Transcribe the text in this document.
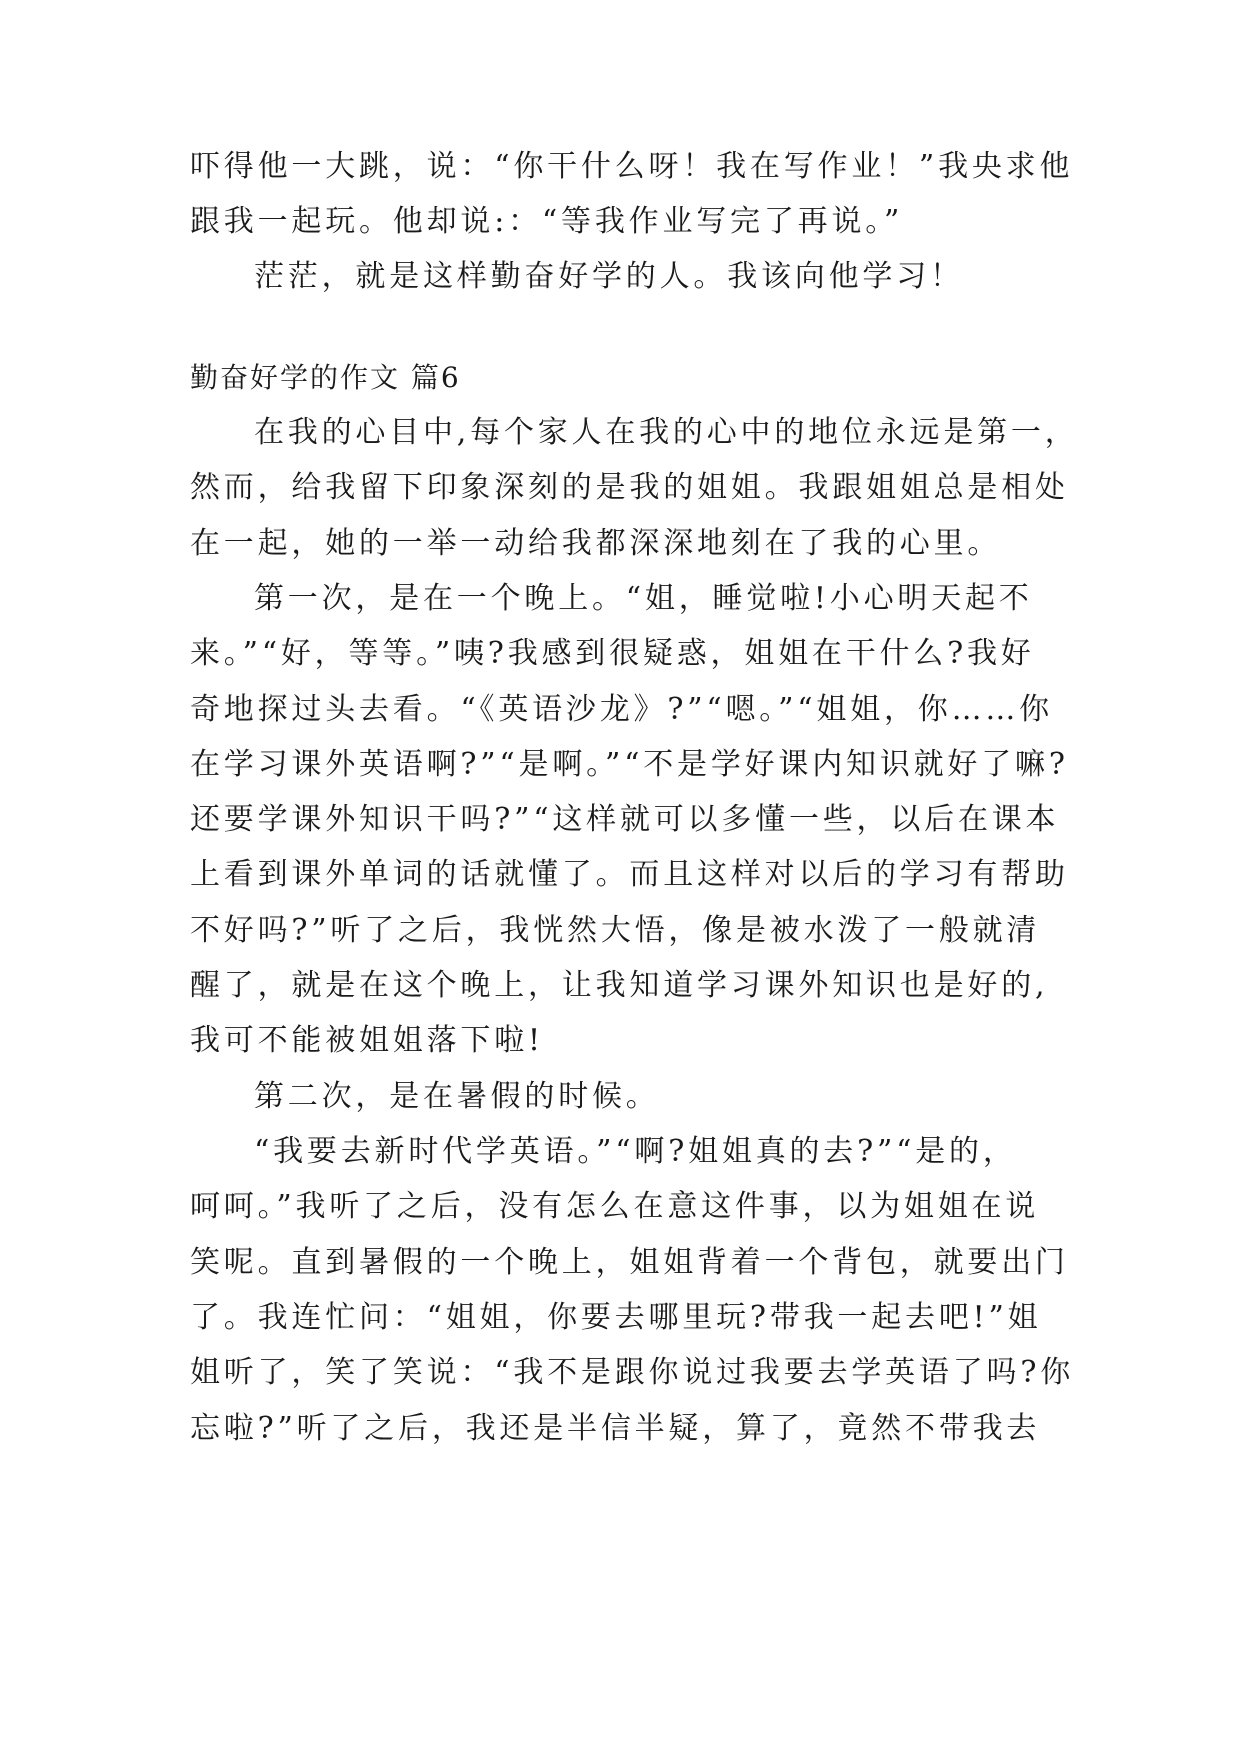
吓得他一大跳，说：“你干什么呀！我在写作业！”我央求他
跟我一起玩。他却说:：“等我作业写完了再说。”
茫茫，就是这样勤奋好学的人。我该向他学习！
勤奋好学的作文 篇6
在我的心目中,每个家人在我的心中的地位永远是第一，
然而，给我留下印象深刻的是我的姐姐。我跟姐姐总是相处
在一起，她的一举一动给我都深深地刻在了我的心里。
第一次，是在一个晚上。“姐，睡觉啦!小心明天起不
来。”“好，等等。”咦?我感到很疑惑，姐姐在干什么?我好
奇地探过头去看。“《英语沙龙》?”“嗯。”“姐姐，你……你
在学习课外英语啊?”“是啊。”“不是学好课内知识就好了嘛?
还要学课外知识干吗?”“这样就可以多懂一些，以后在课本
上看到课外单词的话就懂了。而且这样对以后的学习有帮助
不好吗?”听了之后，我恍然大悟，像是被水泼了一般就清
醒了，就是在这个晚上，让我知道学习课外知识也是好的,
我可不能被姐姐落下啦!
第二次，是在暑假的时候。
“我要去新时代学英语。”“啊?姐姐真的去?”“是的，
呵呵。”我听了之后，没有怎么在意这件事，以为姐姐在说
笑呢。直到暑假的一个晚上，姐姐背着一个背包，就要出门
了。我连忙问：“姐姐，你要去哪里玩?带我一起去吧!”姐
姐听了，笑了笑说：“我不是跟你说过我要去学英语了吗?你
忘啦?”听了之后，我还是半信半疑，算了，竟然不带我去
